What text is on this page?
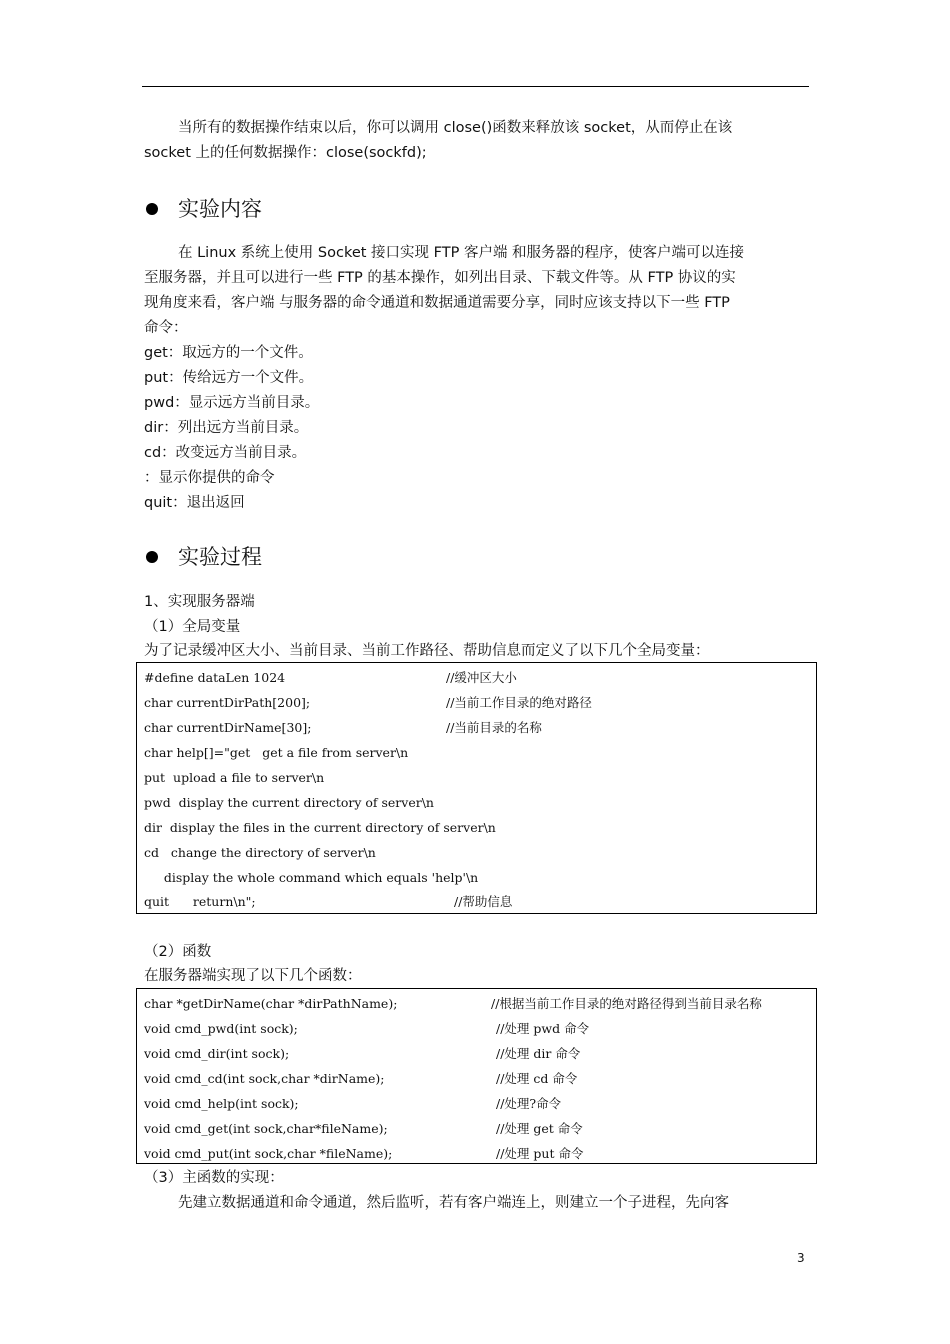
当所有的数据操作结束以后，你可以调用 close()函数来释放该 socket，从而停止在该
socket 上的任何数据操作：close(sockfd);
实验内容
在 Linux 系统上使用 Socket 接口实现 FTP 客户端 和服务器的程序，使客户端可以连接
至服务器，并且可以进行一些 FTP 的基本操作，如列出目录、下载文件等。从 FTP 协议的实
现角度来看，客户端 与服务器的命令通道和数据通道需要分享，同时应该支持以下一些 FTP
命令：
get：取远方的一个文件。
put：传给远方一个文件。
pwd：显示远方当前目录。
dir：列出远方当前目录。
cd：改变远方当前目录。
：显示你提供的命令
quit：退出返回
实验过程
1、实现服务器端
（1）全局变量
为了记录缓冲区大小、当前目录、当前工作路径、帮助信息而定义了以下几个全局变量：
#define dataLen 1024	//缓冲区大小
char currentDirPath[200];	//当前工作目录的绝对路径
char currentDirName[30];	//当前目录的名称
char help[]="get   get a file from server\n
put  upload a file to server\n
pwd  display the current directory of server\n
dir  display the files in the current directory of server\n
cd   change the directory of server\n
display the whole command which equals 'help'\n
quit      return\n";	//帮助信息
（2）函数
在服务器端实现了以下几个函数：
char *getDirName(char *dirPathName);	//根据当前工作目录的绝对路径得到当前目录名称
void cmd_pwd(int sock);	//处理 pwd 命令
void cmd_dir(int sock);	//处理 dir 命令
void cmd_cd(int sock,char *dirName);	//处理 cd 命令
void cmd_help(int sock);	//处理?命令
void cmd_get(int sock,char*fileName);	//处理 get 命令
void cmd_put(int sock,char *fileName);	//处理 put 命令
（3）主函数的实现：
先建立数据通道和命令通道，然后监听，若有客户端连上，则建立一个子进程，先向客
3
